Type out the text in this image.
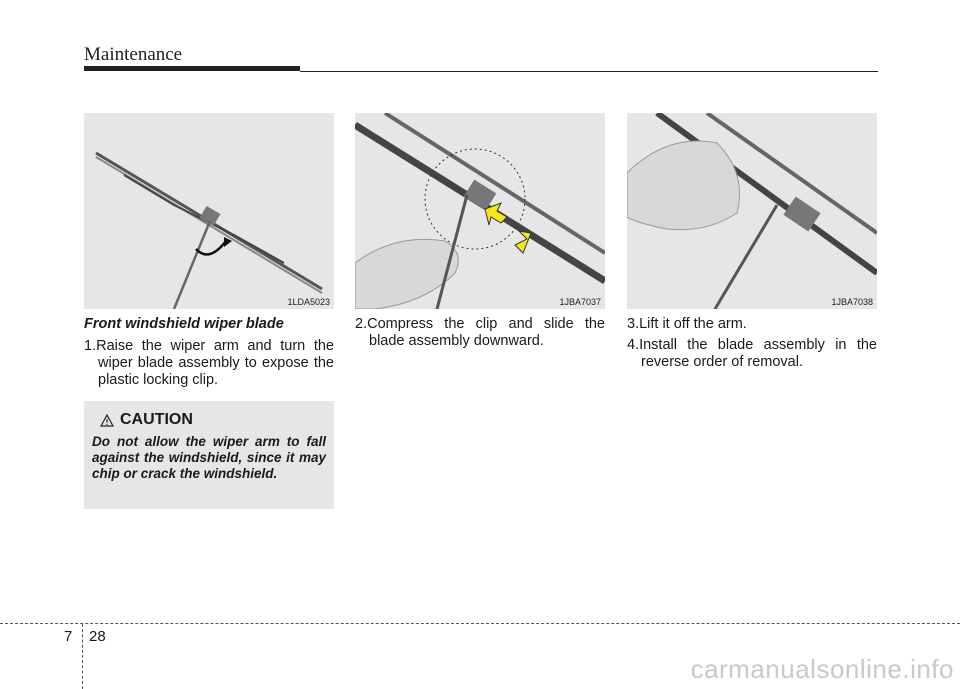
Maintenance
1LDA5023	1JBA7037	1JBA7038
Front windshield wiper blade

1.Raise the wiper arm and turn the wiper blade assembly to expose the plastic locking clip.

CAUTION
Do not allow the wiper arm to fall against the windshield, since it may chip or crack the windshield.

2.Compress the clip and slide the blade assembly downward.

3.Lift it off the arm.

4.Install the blade assembly in the reverse order of removal.

7 28
carmanualsonline.info
